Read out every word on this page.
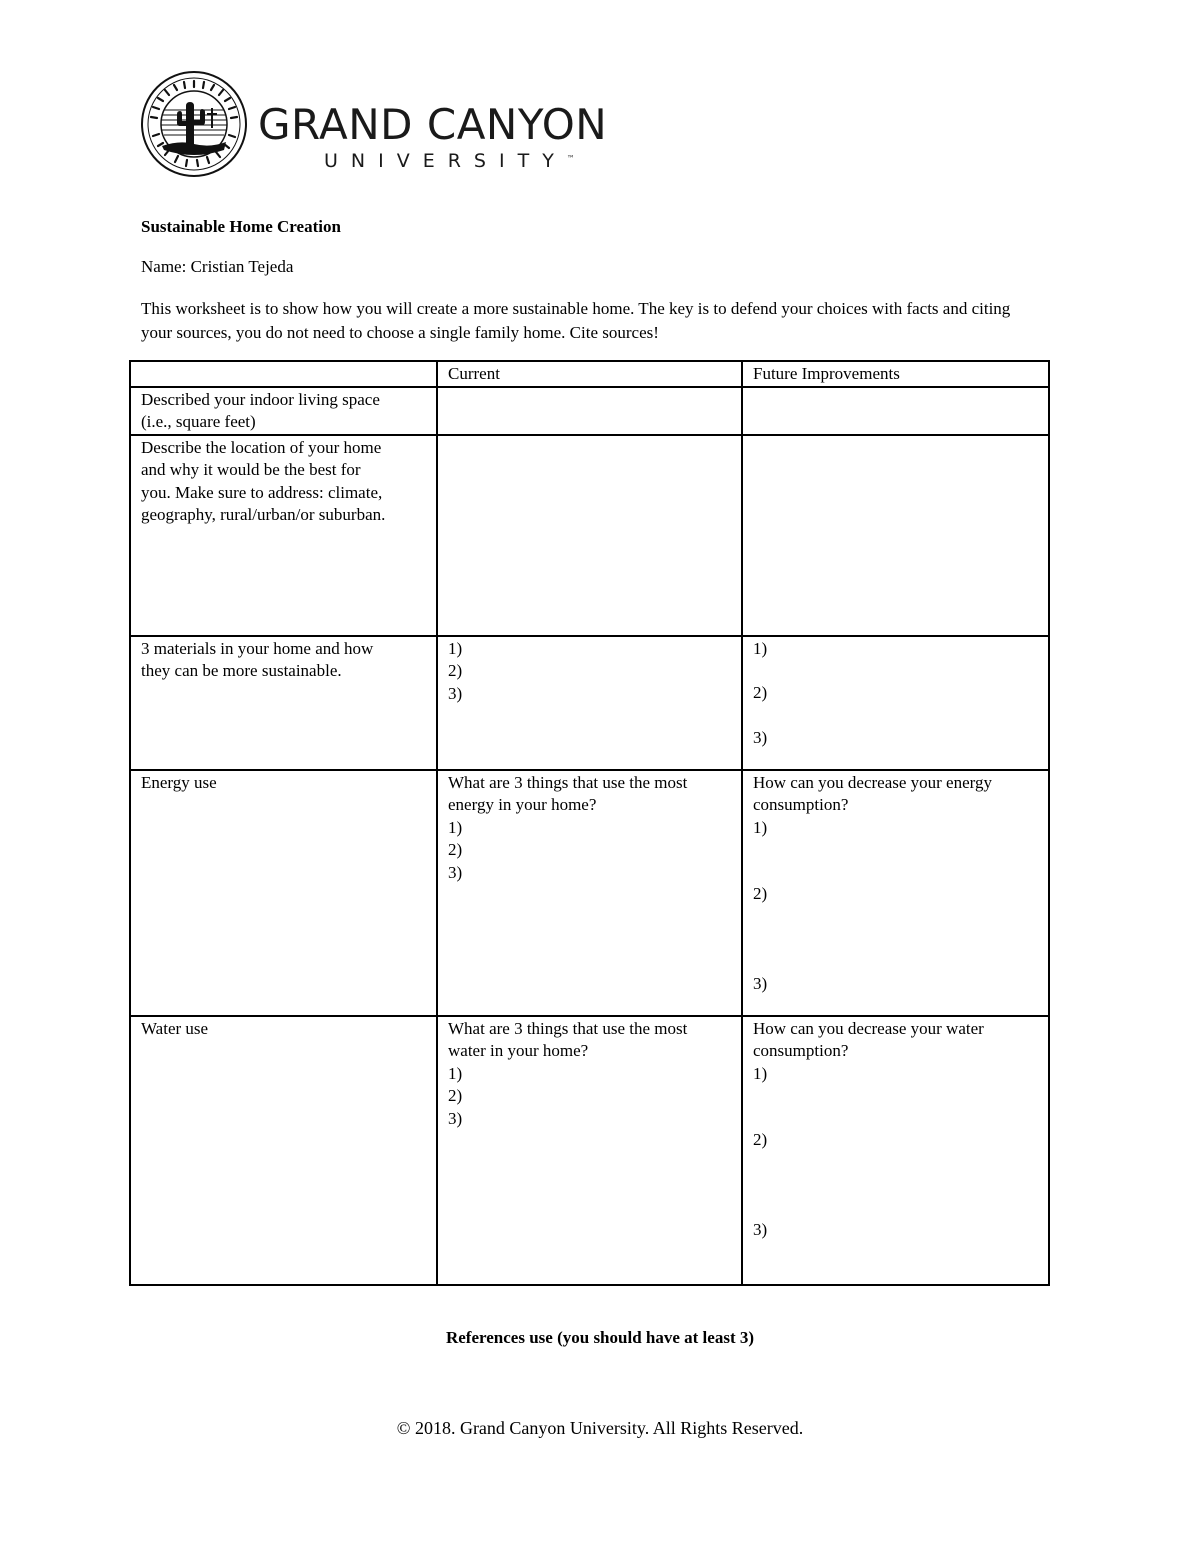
GRAND CANYON
UNIVERSITY™
Sustainable Home Creation
Name: Cristian Tejeda
This worksheet is to show how you will create a more sustainable home. The key is to defend your choices with facts and citing your sources, you do not need to choose a single family home. Cite sources!
	Current	Future Improvements

Described your indoor living space
(i.e., square feet)		

Describe the location of your home
and why it would be the best for
you. Make sure to address: climate,
geography, rural/urban/or suburban.		

3 materials in your home and how
they can be more sustainable.	1)
2)
3)	1)
2)
3)

Energy use	What are 3 things that use the most
energy in your home?
1)
2)
3)	How can you decrease your energy
consumption?
1)
2)
3)

Water use	What are 3 things that use the most
water in your home?
1)
2)
3)	How can you decrease your water
consumption?
1)
2)
3)
References use (you should have at least 3)
© 2018. Grand Canyon University. All Rights Reserved.
